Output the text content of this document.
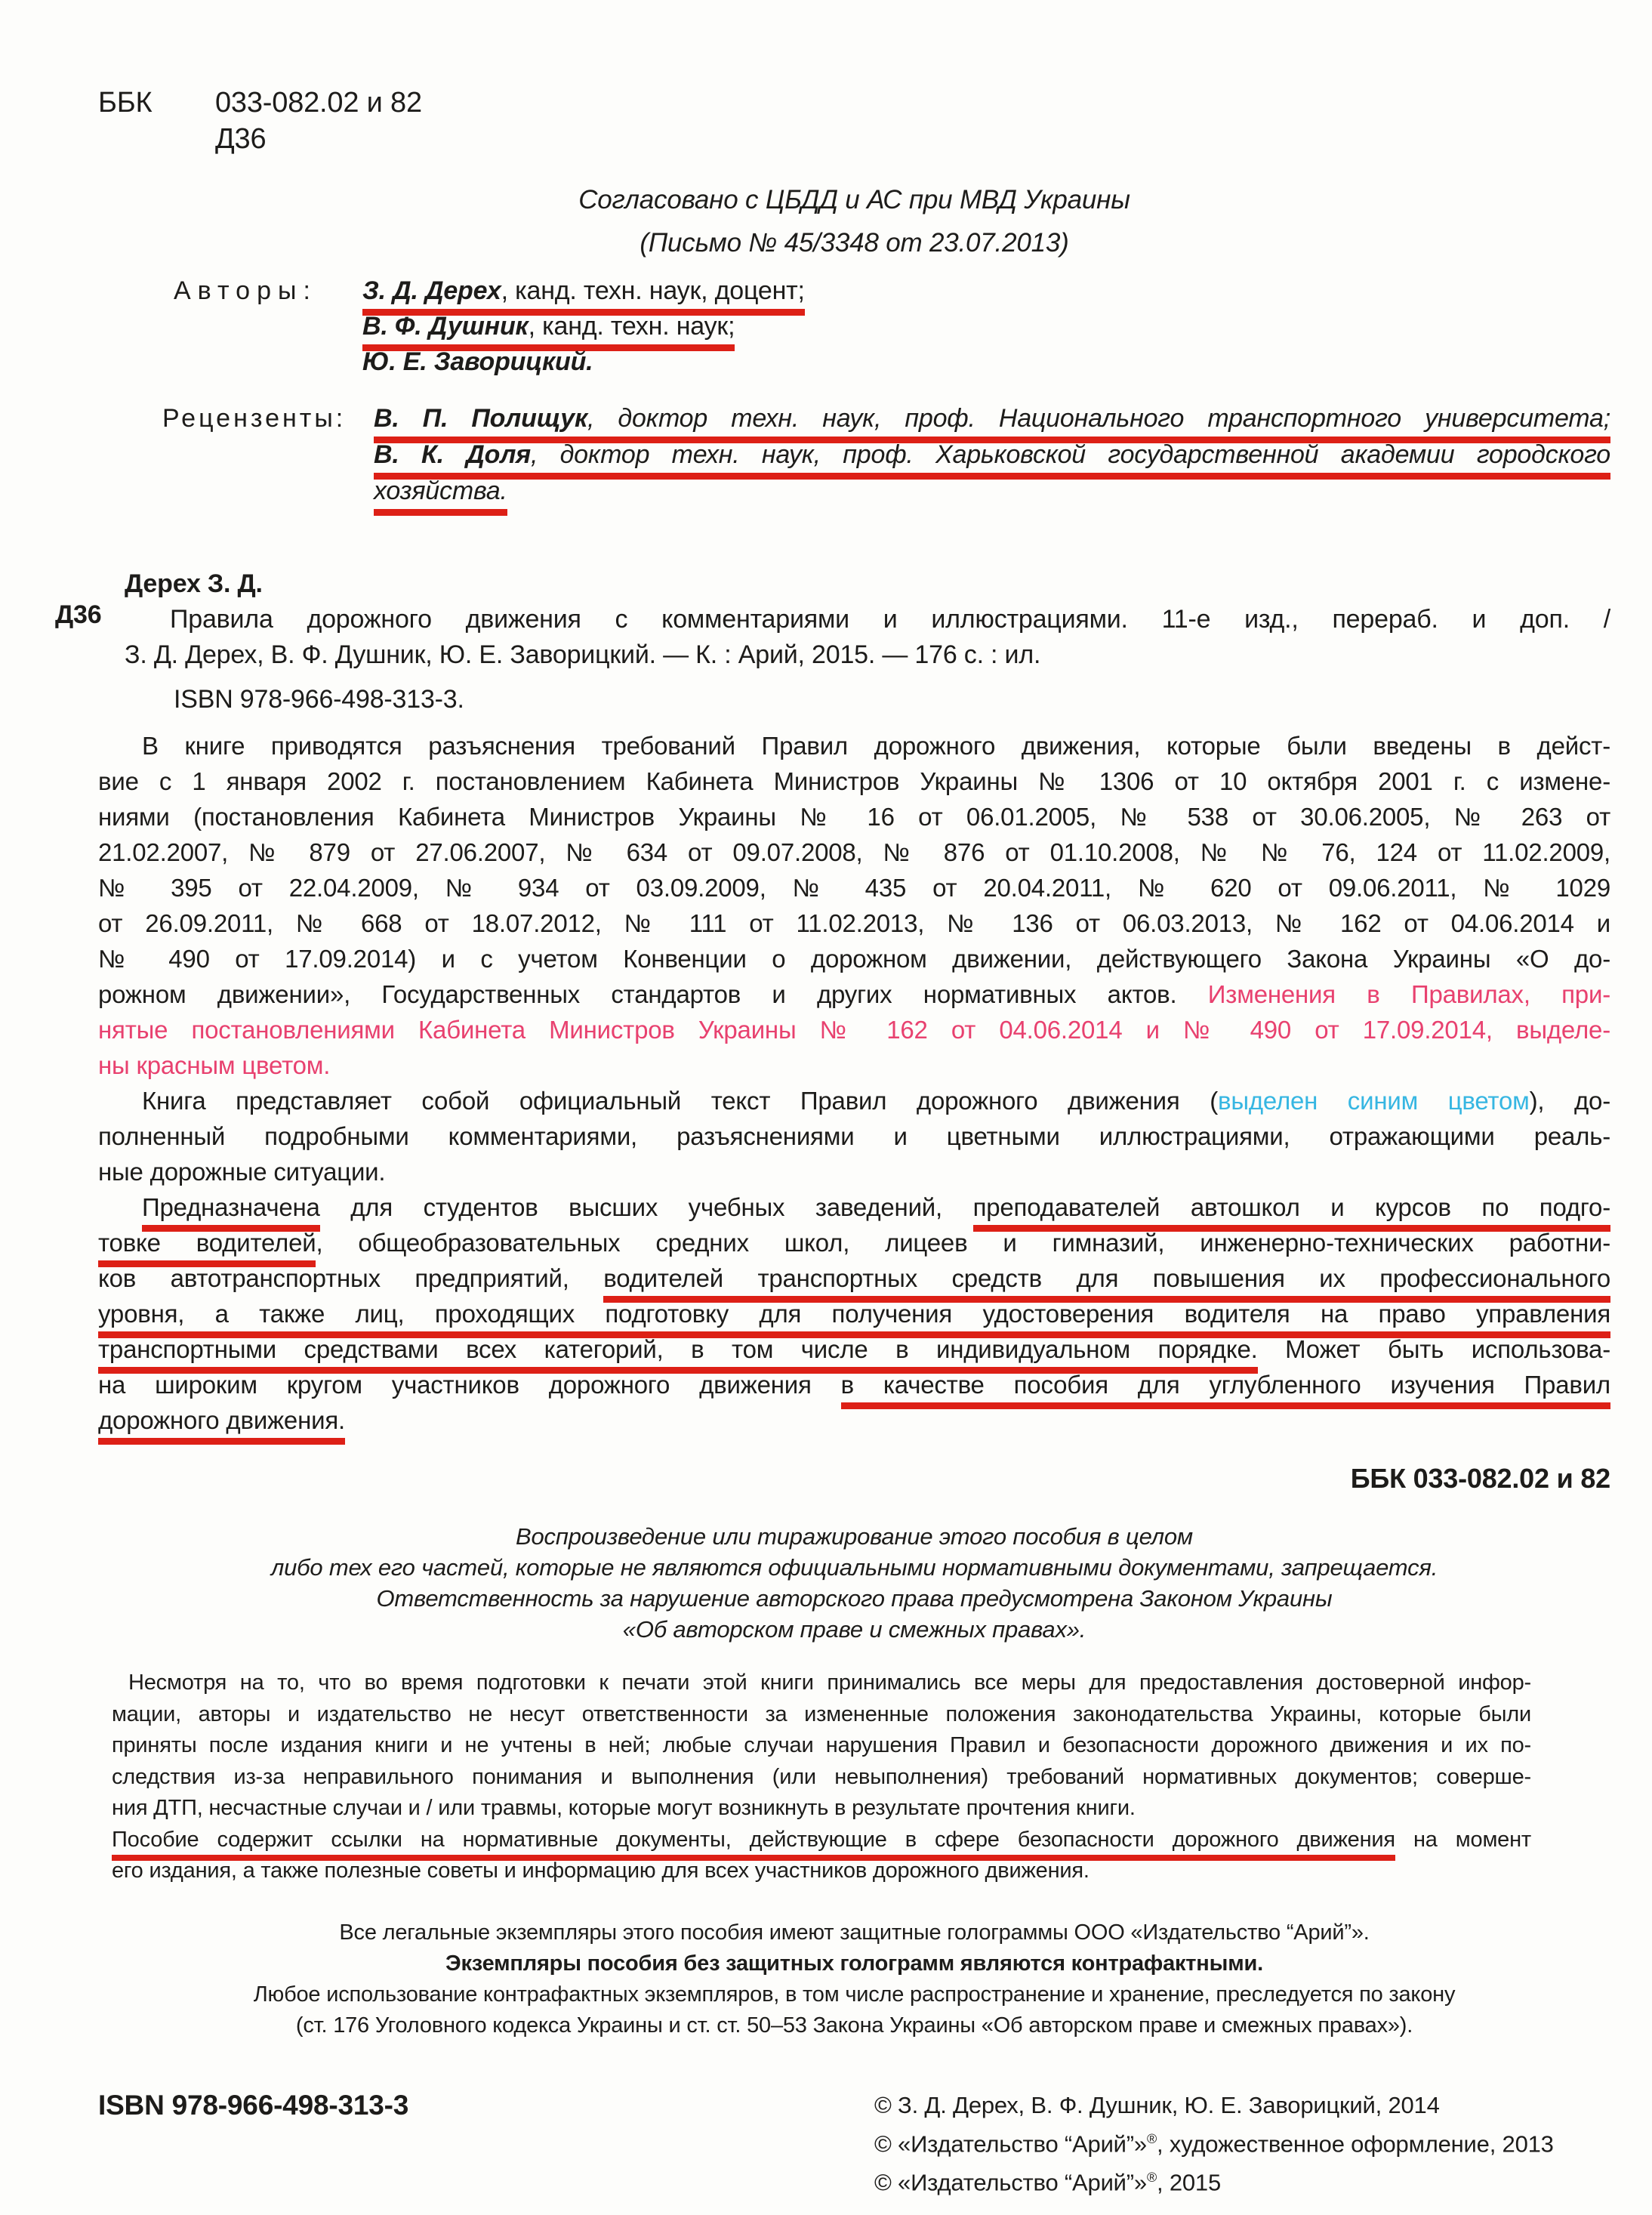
ББК 033-082.02 и 82
Д36
Согласовано с ЦБДД и АС при МВД Украины
(Письмо № 45/3348 от 23.07.2013)
Авторы:	З. Д. Дерех, канд. техн. наук, доцент;
В. Ф. Душник, канд. техн. наук;
Ю. Е. Заворицкий.
Рецензенты:	В. П. Полищук, доктор техн. наук, проф. Национального транспортного университета;
В. К. Доля, доктор техн. наук, проф. Харьковской государственной академии городского
хозяйства.
Дерех З. Д.
Д36	Правила дорожного движения с комментариями и иллюстрациями. 11-е изд., перераб. и доп. /
З. Д. Дерех, В. Ф. Душник, Ю. Е. Заворицкий. — К. : Арий, 2015. — 176 с. : ил.
ISBN 978-966-498-313-3.
В книге приводятся разъяснения требований Правил дорожного движения, которые были введены в дейст-
вие с 1 января 2002 г. постановлением Кабинета Министров Украины № 1306 от 10 октября 2001 г. с измене-
ниями (постановления Кабинета Министров Украины № 16 от 06.01.2005, № 538 от 30.06.2005, № 263 от
21.02.2007, № 879 от 27.06.2007, № 634 от 09.07.2008, № 876 от 01.10.2008, № № 76, 124 от 11.02.2009,
№ 395 от 22.04.2009, № 934 от 03.09.2009, № 435 от 20.04.2011, № 620 от 09.06.2011, № 1029
от 26.09.2011, № 668 от 18.07.2012, № 111 от 11.02.2013, № 136 от 06.03.2013, № 162 от 04.06.2014 и
№ 490 от 17.09.2014) и с учетом Конвенции о дорожном движении, действующего Закона Украины «О до-
рожном движении», Государственных стандартов и других нормативных актов. Изменения в Правилах, при-
нятые постановлениями Кабинета Министров Украины № 162 от 04.06.2014 и № 490 от 17.09.2014, выделе-
ны красным цветом.
Книга представляет собой официальный текст Правил дорожного движения (выделен синим цветом), до-
полненный подробными комментариями, разъяснениями и цветными иллюстрациями, отражающими реаль-
ные дорожные ситуации.
Предназначена для студентов высших учебных заведений, преподавателей автошкол и курсов по подго-
товке водителей, общеобразовательных средних школ, лицеев и гимназий, инженерно-технических работни-
ков автотранспортных предприятий, водителей транспортных средств для повышения их профессионального
уровня, а также лиц, проходящих подготовку для получения удостоверения водителя на право управления
транспортными средствами всех категорий, в том числе в индивидуальном порядке. Может быть использова-
на широким кругом участников дорожного движения в качестве пособия для углубленного изучения Правил
дорожного движения.
ББК 033-082.02 и 82
Воспроизведение или тиражирование этого пособия в целом
либо тех его частей, которые не являются официальными нормативными документами, запрещается.
Ответственность за нарушение авторского права предусмотрена Законом Украины
«Об авторском праве и смежных правах».
Несмотря на то, что во время подготовки к печати этой книги принимались все меры для предоставления достоверной инфор-
мации, авторы и издательство не несут ответственности за измененные положения законодательства Украины, которые были
приняты после издания книги и не учтены в ней; любые случаи нарушения Правил и безопасности дорожного движения и их по-
следствия из-за неправильного понимания и выполнения (или невыполнения) требований нормативных документов; соверше-
ния ДТП, несчастные случаи и / или травмы, которые могут возникнуть в результате прочтения книги.
Пособие содержит ссылки на нормативные документы, действующие в сфере безопасности дорожного движения на момент
его издания, а также полезные советы и информацию для всех участников дорожного движения.
Все легальные экземпляры этого пособия имеют защитные голограммы ООО «Издательство “Арий”».
Экземпляры пособия без защитных голограмм являются контрафактными.
Любое использование контрафактных экземпляров, в том числе распространение и хранение, преследуется по закону
(ст. 176 Уголовного кодекса Украины и ст. ст. 50–53 Закона Украины «Об авторском праве и смежных правах»).
ISBN 978-966-498-313-3	© З. Д. Дерех, В. Ф. Душник, Ю. Е. Заворицкий, 2014
© «Издательство “Арий”»®, художественное оформление, 2013
© «Издательство “Арий”»®, 2015
